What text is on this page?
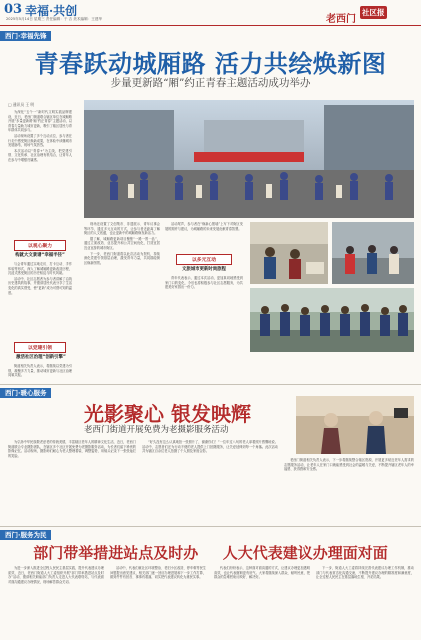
03 幸福·共创
2025年5月14日 星期三 责任编辑：于 吉 美术编辑：王建华	老西门
社区报
西门·幸福先锋
青春跃动城厢路 活力共绘焕新图
步量更新路“厢”约正青春主题活动成功举办
□ 通讯员 王 明

为深化“五个一”新时代文明实践品牌建设，近日，老西门街道联合辖区单位在城厢路开展“步量更新路‘厢’约正青春”主题活动，以青春力量助力城市更新，吸引了辖区居民与青年群体共同参与。

活动现场设置了多个互动点位，参与者在行走中感受街区焕新成果，在体验中读懂城市发展脉络，现场气氛热烈。

本次活动以“青春+”为主线，把党建引领、文化传承、社区治理有机结合，让青年人在参与中增强归属感。

以观心聚力
构就大文景谱“幸福半径”

与会青年通过实地走访、打卡互动、手作体验等形式，深入了解城厢路更新改造历程，沉浸式感受街区的历史积淀与时代风貌。

活动中，社区志愿者为参与者讲解了沿线历史建筑的故事，并邀请居民代表分享了生活变化的真实感受，使“更新”成为可感可知的温度。

以党建引领
激活社区治理“创新引擎”

街道相关负责人表示，将继续以党建为引领，凝聚多方力量，推动城市更新与社区治理同频共振。

现场还设置了文创集市、非遗展示、青年议事会等环节，通过多元互动的方式，让参与者近距离了解街区的人文底蕴，也让更新中的城厢路焕发新活力。

据了解，城厢路更新项目聚焦“一路一景一品”，通过立面改造、业态提升和公共空间优化，打造宜居宜业宜游的城市街区。

下一步，老西门街道将以此次活动为契机，持续深化党建引领基层治理，激发青年力量，共同描绘街区焕新图景。

活动尾声，参与者在“焕新心愿墙”上写下对街区发展的期许与建议，为城厢路的未来发展贡献青春智慧。

以多元互动
文旅城市更新时尚旅程

青年代表表示，通过本次活动，更加真切地感受到家门口的变化，今后也将积极参与社区志愿服务，为共建美好家园出一份力。

西门·暖心服务
光影聚心 银发映辉
老西门街道开展免费为老摄影服务活动

为弘扬中华民族敬老爱老的传统美德，丰富辖区老年人的精神文化生活，近日，老西门街道联合专业摄影团队，在辖区多个社区开展免费为老摄影服务活动，为长者们留下珍贵的影像记忆。活动现场，摄影师们耐心为老人整理着装、调整姿势，用镜头记录下一张张灿烂的笑脸。

“好久没有这么认真地拍一张照片了，谢谢你们！”一位年过八旬的老人拿着照片感慨地说。活动中，志愿者们还为行动不便的老人提供上门拍摄服务，让关爱延伸到每一个角落。此次活动共为辖区百余位老人拍摄了个人照及家庭合影。

老西门街道相关负责人表示，下一步将继续整合辖区资源，开展更多贴近老年人需求的志愿服务活动，让老年人在家门口就能感受到社会的温暖与关爱，不断提升辖区老年人的幸福感、获得感和安全感。

西门·服务为民
部门带举措进站点及时办 人大代表建议办理面对面

为进一步深入推进全过程人民民主基层实践，提升代表建议办理质效，近日，老西门街道人大工委组织开展“部门带举措进站点及时办”活动，邀请相关职能部门负责人走进人大代表联络站，与代表面对面沟通建议办理情况，现场解答群众关切。

活动中，代表们就社区环境整治、老旧小区改造、停车难等民生问题提出意见建议，相关部门逐一回应办理进展和下一步工作打算，做到件件有回音、事事有着落，切实把代表建议转化为惠民实事。

代表们纷纷表示，这种面对面沟通的方式，让建议办理更加透明高效，也让代表履职更有底气。大家将继续深入群众、倾听民意，把群众的急难愁盼反映好、解决好。

下一步，街道人大工委将持续完善代表建议办理工作机制，推动部门与代表常态化沟通交流，不断提升建议办理的精准度和满意度，让全过程人民民主在基层落地生根、开花结果。
